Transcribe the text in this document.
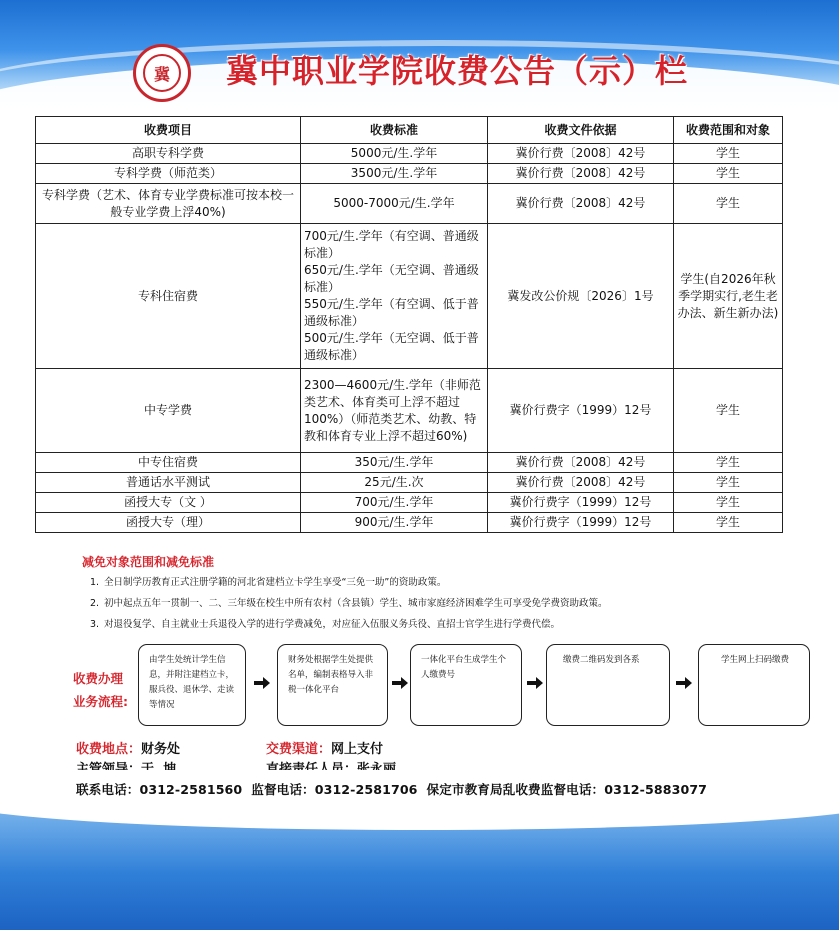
冀	冀中职业学院收费公告（示）栏
收费项目	收费标准	收费文件依据	收费范围和对象
高职专科学费	5000元/生.学年	冀价行费〔2008〕42号	学生
专科学费（师范类）	3500元/生.学年	冀价行费〔2008〕42号	学生
专科学费（艺术、体育专业学费标准可按本校一般专业学费上浮40%)	5000-7000元/生.学年	冀价行费〔2008〕42号	学生
专科住宿费	700元/生.学年（有空调、普通级标准）
650元/生.学年（无空调、普通级标准）
550元/生.学年（有空调、低于普通级标准）
500元/生.学年（无空调、低于普通级标准）	冀发改公价规〔2026〕1号	学生(自2026年秋季学期实行,老生老办法、新生新办法)
中专学费	2300—4600元/生.学年（非师范类艺术、体育类可上浮不超过100%）（师范类艺术、幼教、特教和体育专业上浮不超过60%)	冀价行费字（1999）12号	学生
中专住宿费	350元/生.学年	冀价行费〔2008〕42号	学生
普通话水平测试	25元/生.次	冀价行费〔2008〕42号	学生
函授大专（文 ）	700元/生.学年	冀价行费字（1999）12号	学生
函授大专（理）	900元/生.学年	冀价行费字（1999）12号	学生
减免对象范围和减免标准
1. 全日制学历教育正式注册学籍的河北省建档立卡学生享受“三免一助”的资助政策。
2. 初中起点五年一贯制一、二、三年级在校生中所有农村（含县镇）学生、城市家庭经济困难学生可享受免学费资助政策。
3. 对退役复学、自主就业士兵退役入学的进行学费减免，对应征入伍服义务兵役、直招士官学生进行学费代偿。
收费办理
业务流程:
由学生处统计学生信息，并附注建档立卡，服兵役、退休学、走读等情况
财务处根据学生处提供名单，编制表格导入非税一体化平台
一体化平台生成学生个人缴费号
缴费二维码发到各系	学生网上扫码缴费
收费地点：财务处	交费渠道：网上支付
联系电话：0312-2581560  监督电话：0312-2581706  保定市教育局乱收费监督电话：0312-5883077
